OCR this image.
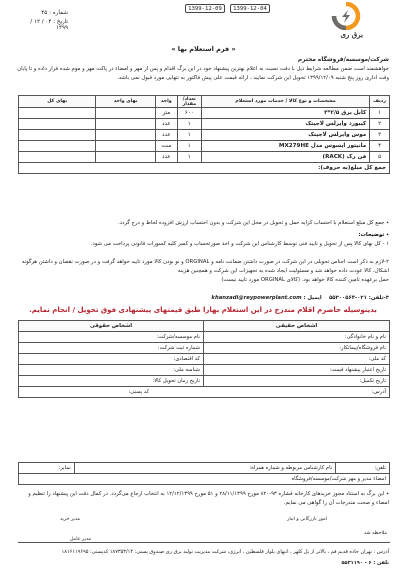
1399-12-09	1399-12-04
برق ری
شماره : ۴۵
تاریخ : ۰۴ / ۱۲ / ۱۳۹۹
« فرم استعلام بها »
شرکت/موسسه/فروشگاه محترم
خواهشمند است ضمن مطالعه شرایط ذیل با دقت نسبت به اعلام بهترین پیشنهاد خود در این برگ اقدام و پس از مهر و امضاء در پاکت مهر و موم شده قرار داده و تا پایان وقت اداری روز پنج شنبه ۱۳۹۹/۱۲/۰۹ تحویل این شرکت نمایید ، ارائه قیمت علی پیش فاکتور به تنهایی مورد قبول نمی باشد.
ردیف	مشخصات و نوع کالا / خدمات مورد استعلام	تعداد/ مقدار	واحد	بهای واحد	بهای کل
۱	کابل برق ۲/۵*۳	۶۰۰	متر		
۲	کیبورد وایرلس لاجیتک	۱	عدد		
۳	موس وایرلس لاجیتک	۱	عدد		
۴	مانیتور ایسوس مدل MX279HE	۱	ست		
۵	فن رک (RACK)	۱	عدد		
جمع کل مبلغ(به حروف):					
٭ جمع کل مبلغ استعلام با احتساب کرایه حمل و تحویل در محل این شرکت و بدون احتساب ارزش افزوده لحاظ و درج گردد.
٭ توضیحات:
۱ - کل بهای کالا پس از تحویل و تایید فنی توسط کارشناس این شرکت و اخذ صورتحساب و کسر کلیه کسورات قانونی پرداخت می شود.
۲-لازم به ذکر است اجناس تحویلی در این شرکت در صورت داشتن ضمانت نامه و ORGINAL و نو بودن کالا مورد تایید خواهد گرفت و در صورت نقصان و داشتن هرگونه اشکال، کالا عودت داده خواهد شد و مسئولیت ایجاد شده به تجهیزات این شرکت و همچنین هزینه
حمل برعهده تامین کننده کالا خواهد بود. (کالای ORGINAL مورد تایید نیست)
۳-تلفن: ۰۲۱-۵۵۳۰۰۵۶۴    ایمیل : khanzadi@reypowerplant.com
بدینوسیله حاضرم اقلام مندرج در این استعلام بهارا طبق قیمتهای پیشنهادی فوق تحویل / انجام نمایم.
اشخاص حقیقی	اشخاص حقوقی
نام و نام خانوادگی:	نام موسسه/شرکت:
نام فروشگاه/پیمانکار:	شماره ثبت شرکت:
کد ملی:	کد اقتصادی:
تاریخ اعتبار پیشنهاد قیمت:	شناسه ملی:
تاریخ تکمیل:	تاریخ زمان تحویل کالا:
آدرس:
کد پستی:	
تلفن:	نام کارشناس مربوطه و شماره همراه:	نمابر:
امضاء مدیر و مهر شرکت/موسسه/فروشگاه
٭ این برگ به استناد مجوز خریدهای کارخانه فشاره ۹۳-۸۲۰ مورخ ۲۸/۱۱/۱۳۹۹ و ۵۱ مورخ ۱۲/۱۲/۱۳۹۹ به انتخاب ارجاع می‌گردد. در کمال دقت این پیشنهاد را تنظیم و امضاء و صحت مندرجات آن را گواهی می نمایم.
امور بازرگانی و انبار
مدیر خرید
ملاحظه شد
مدیر عامل
آدرس : تهران جاده قدیم قم ، بالاتر از پل کلهر ، انتهای بلوار فلسطین ، انرژی، شرکت مدیریت تولید برق ری صندوق پستی: ۱۸۷۳۵۳/۱۴ کدپستی: ۱۸۱۶۱۱۹۶۹۵
تلفن : ۶ - ۵۵۳۱۱۹۰
